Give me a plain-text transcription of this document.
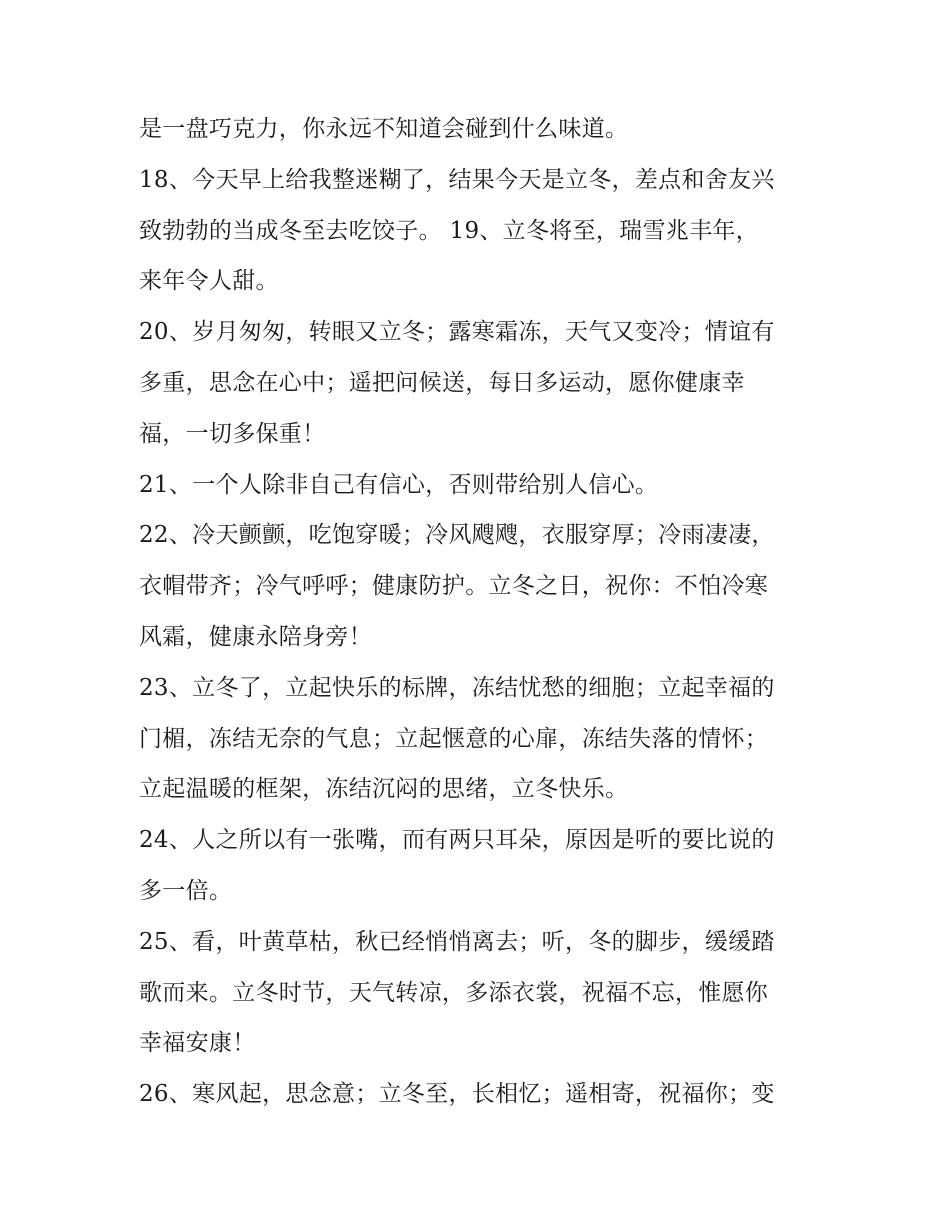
是一盘巧克力，你永远不知道会碰到什么味道。
18、今天早上给我整迷糊了，结果今天是立冬，差点和舍友兴
致勃勃的当成冬至去吃饺子。 19、立冬将至，瑞雪兆丰年，
来年令人甜。
20、岁月匆匆，转眼又立冬；露寒霜冻，天气又变冷；情谊有
多重，思念在心中；遥把问候送，每日多运动，愿你健康幸
福，一切多保重！
21、一个人除非自己有信心，否则带给别人信心。
22、冷天颤颤，吃饱穿暖；冷风飕飕，衣服穿厚；冷雨凄凄，
衣帽带齐；冷气呼呼；健康防护。立冬之日，祝你：不怕冷寒
风霜，健康永陪身旁！
23、立冬了，立起快乐的标牌，冻结忧愁的细胞；立起幸福的
门楣，冻结无奈的气息；立起惬意的心扉，冻结失落的情怀；
立起温暖的框架，冻结沉闷的思绪，立冬快乐。
24、人之所以有一张嘴，而有两只耳朵，原因是听的要比说的
多一倍。
25、看，叶黄草枯，秋已经悄悄离去；听，冬的脚步，缓缓踏
歌而来。立冬时节，天气转凉，多添衣裳，祝福不忘，惟愿你
幸福安康！
26、寒风起，思念意；立冬至，长相忆；遥相寄，祝福你；变
